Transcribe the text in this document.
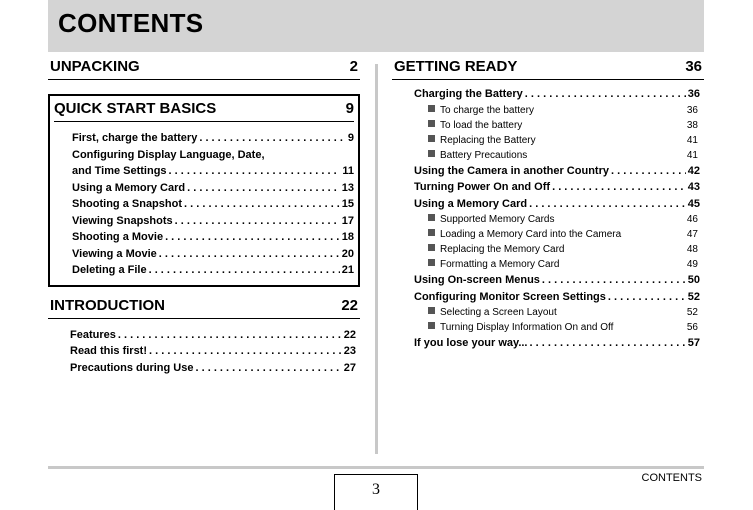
CONTENTS
UNPACKING	2
QUICK START BASICS	9
First, charge the battery . . .	9
Configuring Display Language, Date,
and Time Settings . . .	11
Using a Memory Card . . .	13
Shooting a Snapshot . . .	15
Viewing Snapshots . . .	17
Shooting a Movie . . .	18
Viewing a Movie . . .	20
Deleting a File . . .	21
INTRODUCTION	22
Features . . .	22
Read this first! . . .	23
Precautions during Use . . .	27
GETTING READY	36
Charging the Battery . . .	36
To charge the battery	36
To load the battery	38
Replacing the Battery	41
Battery Precautions	41
Using the Camera in another Country . . .	42
Turning Power On and Off . . .	43
Using a Memory Card . . .	45
Supported Memory Cards	46
Loading a Memory Card into the Camera	47
Replacing the Memory Card	48
Formatting a Memory Card	49
Using On-screen Menus . . .	50
Configuring Monitor Screen Settings . . .	52
Selecting a Screen Layout	52
Turning Display Information On and Off	56
If you lose your way... . . .	57
CONTENTS
3
